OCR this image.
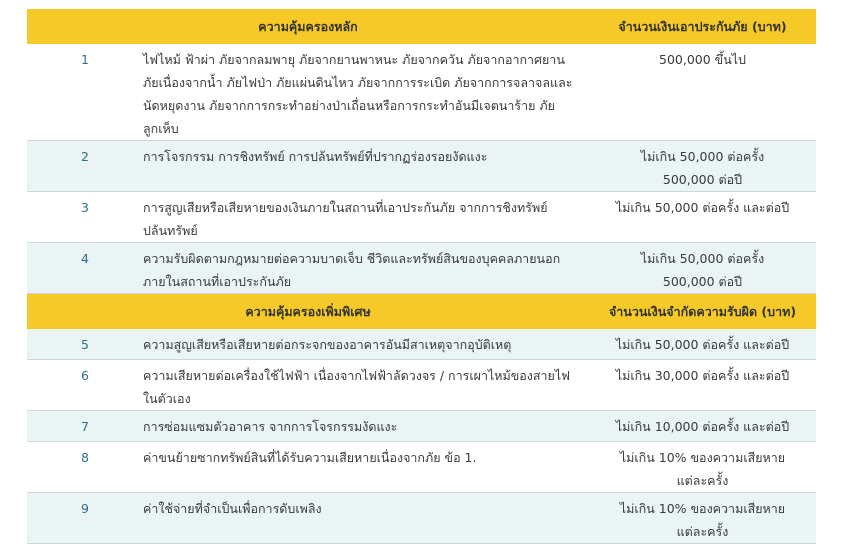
ความคุ้มครองหลัก		จำนวนเงินเอาประกันภัย (บาท)
1	ไฟไหม้ ฟ้าผ่า ภัยจากลมพายุ ภัยจากยานพาหนะ ภัยจากควัน ภัยจากอากาศยาน ภัยเนื่องจากน้ำ ภัยไฟป่า ภัยแผ่นดินไหว ภัยจากการระเบิด ภัยจากการจลาจลและนัดหยุดงาน ภัยจากการกระทำอย่างป่าเถื่อนหรือการกระทำอันมีเจตนาร้าย ภัยลูกเห็บ	500,000 ขึ้นไป

2	การโจรกรรม การชิงทรัพย์ การปล้นทรัพย์ที่ปรากฏร่องรอยงัดแงะ	ไม่เกิน 50,000 ต่อครั้ง
500,000 ต่อปี

3	การสูญเสียหรือเสียหายของเงินภายในสถานที่เอาประกันภัย จากการชิงทรัพย์ ปล้นทรัพย์	ไม่เกิน 50,000 ต่อครั้ง และต่อปี

4	ความรับผิดตามกฎหมายต่อความบาดเจ็บ ชีวิตและทรัพย์สินของบุคคลภายนอก ภายในสถานที่เอาประกันภัย	ไม่เกิน 50,000 ต่อครั้ง
500,000 ต่อปี

ความคุ้มครองเพิ่มพิเศษ		จำนวนเงินจำกัดความรับผิด (บาท)
5	ความสูญเสียหรือเสียหายต่อกระจกของอาคารอันมีสาเหตุจากอุบัติเหตุ	ไม่เกิน 50,000 ต่อครั้ง และต่อปี

6	ความเสียหายต่อเครื่องใช้ไฟฟ้า เนื่องจากไฟฟ้าลัดวงจร / การเผาไหม้ของสายไฟในตัวเอง	ไม่เกิน 30,000 ต่อครั้ง และต่อปี

7	การซ่อมแซมตัวอาคาร จากการโจรกรรมงัดแงะ	ไม่เกิน 10,000 ต่อครั้ง และต่อปี

8	ค่าขนย้ายซากทรัพย์สินที่ได้รับความเสียหายเนื่องจากภัย ข้อ 1.	ไม่เกิน 10% ของความเสียหาย
แต่ละครั้ง

9	ค่าใช้จ่ายที่จำเป็นเพื่อการดับเพลิง	ไม่เกิน 10% ของความเสียหาย
แต่ละครั้ง
